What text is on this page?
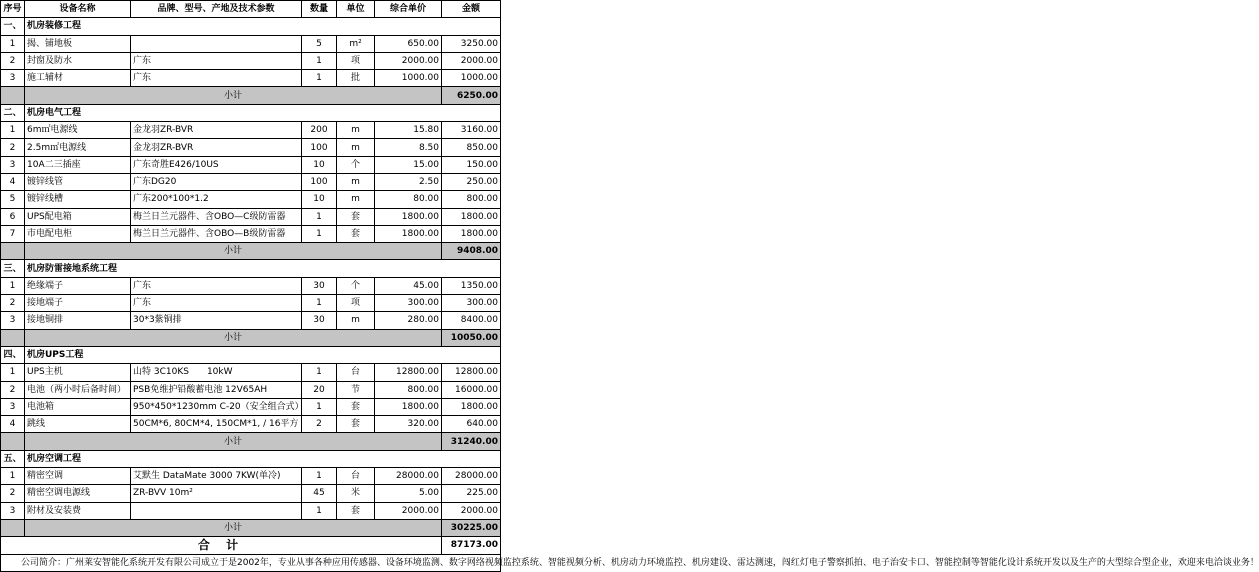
序号	设备名称	品牌、型号、产地及技术参数	数量	单位	综合单价	金额
一、	机房装修工程					
1	揭、铺地板		5	m²	650.00	3250.00
2	封窗及防水	广东	1	项	2000.00	2000.00
3	施工辅材	广东	1	批	1000.00	1000.00
	小计					6250.00
二、	机房电气工程					
1	6m㎡电源线	金龙羽ZR-BVR	200	m	15.80	3160.00
2	2.5m㎡电源线	金龙羽ZR-BVR	100	m	8.50	850.00
3	10A二三插座	广东奇胜E426/10US	10	个	15.00	150.00
4	镀锌线管	广东DG20	100	m	2.50	250.00
5	镀锌线槽	广东200*100*1.2	10	m	80.00	800.00
6	UPS配电箱	梅兰日兰元器件、含OBO—C级防雷器	1	套	1800.00	1800.00
7	市电配电柜	梅兰日兰元器件、含OBO—B级防雷器	1	套	1800.00	1800.00
	小计					9408.00
三、	机房防雷接地系统工程					
1	绝缘端子	广东	30	个	45.00	1350.00
2	接地端子	广东	1	项	300.00	300.00
3	接地铜排	30*3紫铜排	30	m	280.00	8400.00
	小计					10050.00
四、	机房UPS工程					
1	UPS主机	山特 3C10KS　　10kW	1	台	12800.00	12800.00
2	电池（两小时后备时间）	PSB免维护铅酸蓄电池 12V65AH	20	节	800.00	16000.00
3	电池箱	950*450*1230mm C-20（安全组合式）	1	套	1800.00	1800.00
4	跳线	50CM*6, 80CM*4, 150CM*1, / 16平方	2	套	320.00	640.00
	小计					31240.00
五、	机房空调工程					
1	精密空调	艾默生 DataMate 3000 7KW(单冷)	1	台	28000.00	28000.00
2	精密空调电源线	ZR-BVV 10m²	45	米	5.00	225.00
3	附材及安装费		1	套	2000.00	2000.00
	小计					30225.00
合 计						87173.00
公司简介：广州莱安智能化系统开发有限公司成立于是2002年，专业从事各种应用传感器、设备环境监测、数字网络视频监控系统、智能视频分析、机房动力环境监控、机房建设、雷达测速，闯红灯电子警察抓拍、电子治安卡口、智能控制等智能化设计系统开发以及生产的大型综合型企业，欢迎来电洽谈业务！						
